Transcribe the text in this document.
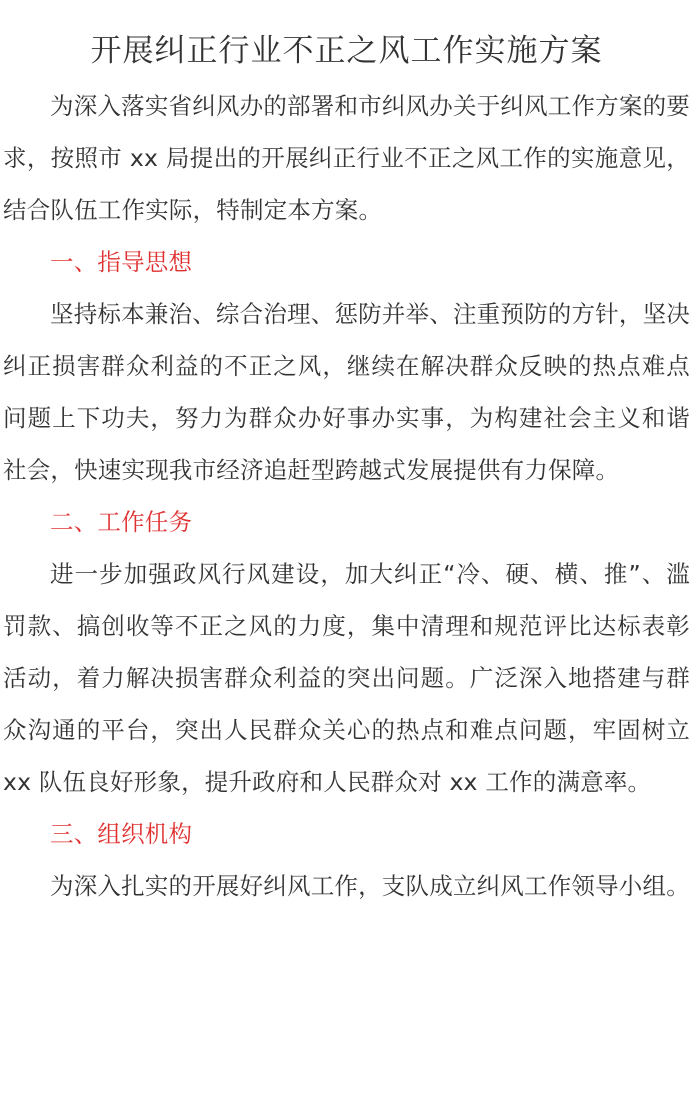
开展纠正行业不正之风工作实施方案

为深入落实省纠风办的部署和市纠风办关于纠风工作方案的要求，按照市 xx 局提出的开展纠正行业不正之风工作的实施意见，结合队伍工作实际，特制定本方案。

一、指导思想

坚持标本兼治、综合治理、惩防并举、注重预防的方针，坚决纠正损害群众利益的不正之风，继续在解决群众反映的热点难点问题上下功夫，努力为群众办好事办实事，为构建社会主义和谐社会，快速实现我市经济追赶型跨越式发展提供有力保障。

二、工作任务

进一步加强政风行风建设，加大纠正“冷、硬、横、推”、滥罚款、搞创收等不正之风的力度，集中清理和规范评比达标表彰活动，着力解决损害群众利益的突出问题。广泛深入地搭建与群众沟通的平台，突出人民群众关心的热点和难点问题，牢固树立 xx 队伍良好形象，提升政府和人民群众对 xx 工作的满意率。

三、组织机构

为深入扎实的开展好纠风工作，支队成立纠风工作领导小组。
